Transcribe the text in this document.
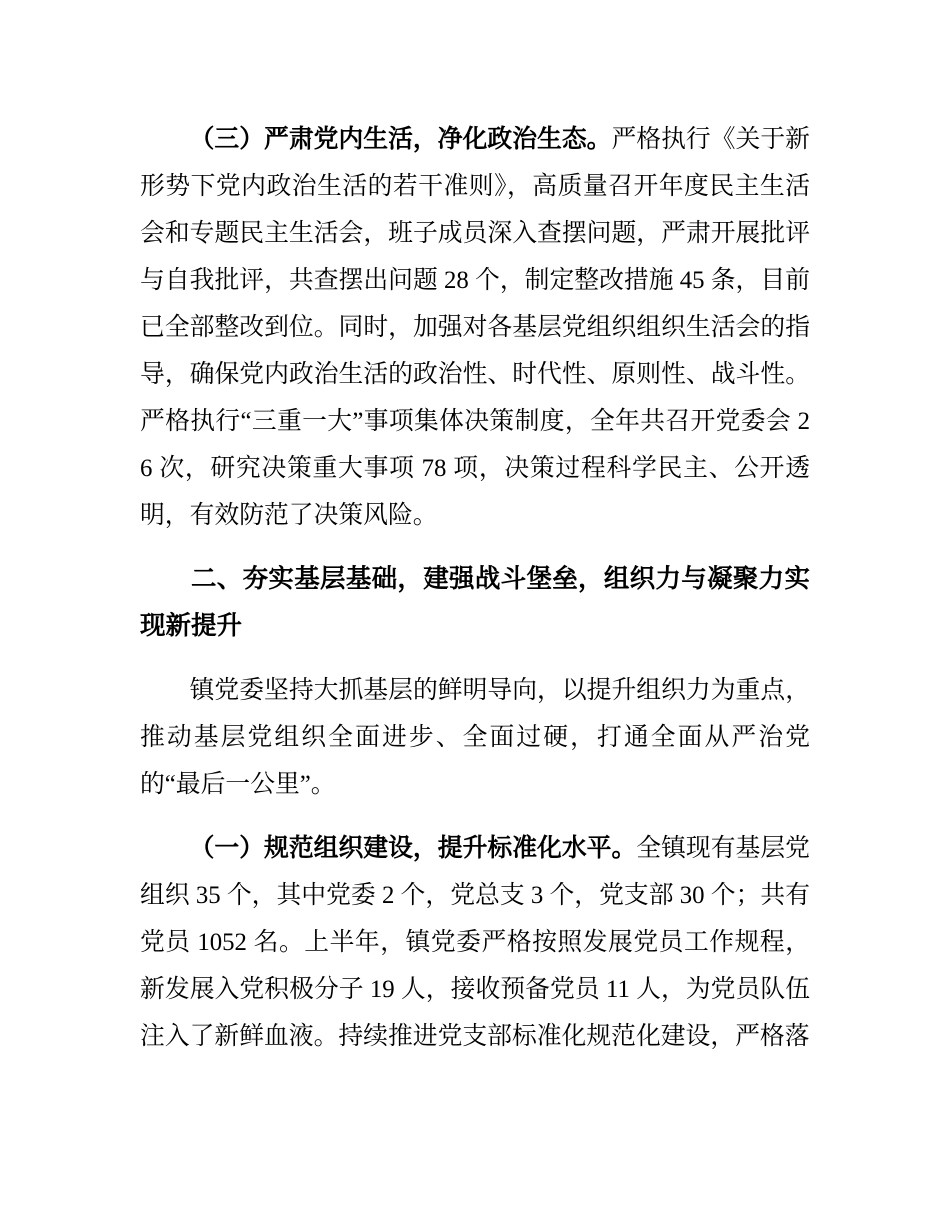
（三）严肃党内生活，净化政治生态。严格执行《关于新形势下党内政治生活的若干准则》，高质量召开年度民主生活会和专题民主生活会，班子成员深入查摆问题，严肃开展批评与自我批评，共查摆出问题 28 个，制定整改措施 45 条，目前已全部整改到位。同时，加强对各基层党组织组织生活会的指导，确保党内政治生活的政治性、时代性、原则性、战斗性。严格执行“三重一大”事项集体决策制度，全年共召开党委会 26 次，研究决策重大事项 78 项，决策过程科学民主、公开透明，有效防范了决策风险。

二、夯实基层基础，建强战斗堡垒，组织力与凝聚力实现新提升

镇党委坚持大抓基层的鲜明导向，以提升组织力为重点，推动基层党组织全面进步、全面过硬，打通全面从严治党的“最后一公里”。

（一）规范组织建设，提升标准化水平。全镇现有基层党组织 35 个，其中党委 2 个，党总支 3 个，党支部 30 个；共有党员 1052 名。上半年，镇党委严格按照发展党员工作规程，新发展入党积极分子 19 人，接收预备党员 11 人，为党员队伍注入了新鲜血液。持续推进党支部标准化规范化建设，严格落
